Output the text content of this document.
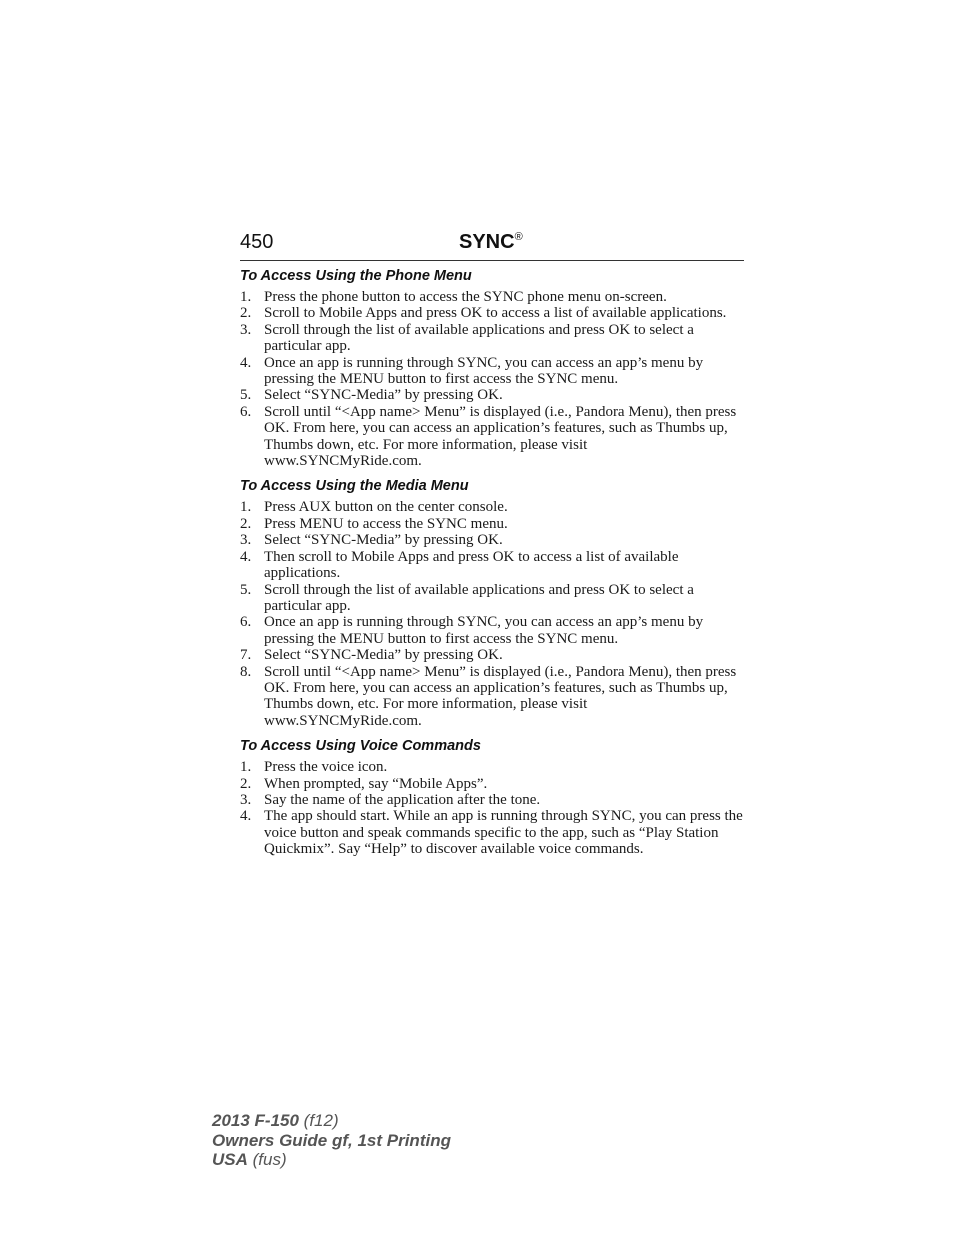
450	SYNC®
To Access Using the Phone Menu
1. Press the phone button to access the SYNC phone menu on-screen.
2. Scroll to Mobile Apps and press OK to access a list of available applications.
3. Scroll through the list of available applications and press OK to select a particular app.
4. Once an app is running through SYNC, you can access an app’s menu by pressing the MENU button to first access the SYNC menu.
5. Select “SYNC-Media” by pressing OK.
6. Scroll until “<App name> Menu” is displayed (i.e., Pandora Menu), then press OK. From here, you can access an application’s features, such as Thumbs up, Thumbs down, etc. For more information, please visit www.SYNCMyRide.com.
To Access Using the Media Menu
1. Press AUX button on the center console.
2. Press MENU to access the SYNC menu.
3. Select “SYNC-Media” by pressing OK.
4. Then scroll to Mobile Apps and press OK to access a list of available applications.
5. Scroll through the list of available applications and press OK to select a particular app.
6. Once an app is running through SYNC, you can access an app’s menu by pressing the MENU button to first access the SYNC menu.
7. Select “SYNC-Media” by pressing OK.
8. Scroll until “<App name> Menu” is displayed (i.e., Pandora Menu), then press OK. From here, you can access an application’s features, such as Thumbs up, Thumbs down, etc. For more information, please visit www.SYNCMyRide.com.
To Access Using Voice Commands
1. Press the voice icon.
2. When prompted, say “Mobile Apps”.
3. Say the name of the application after the tone.
4. The app should start. While an app is running through SYNC, you can press the voice button and speak commands specific to the app, such as “Play Station Quickmix”. Say “Help” to discover available voice commands.
2013 F-150 (f12)
Owners Guide gf, 1st Printing
USA (fus)
